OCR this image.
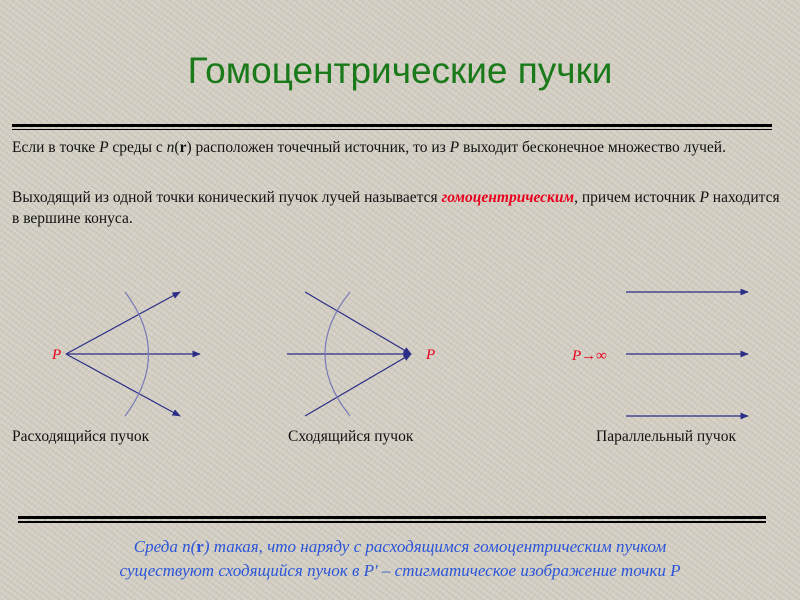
Гомоцентрические пучки
Если в точке P среды с n(r) расположен точечный источник, то из P выходит бесконечное множество лучей.
Выходящий из одной точки конический пучок лучей называется гомоцентрическим, причем источник P находится в вершине конуса.
P	P	P→∞
Расходящийся пучок	Сходящийся пучок	Параллельный пучок
Среда n(r) такая, что наряду с расходящимся гомоцентрическим пучком
существуют сходящийся пучок в P′ – стигматическое изображение точки P
